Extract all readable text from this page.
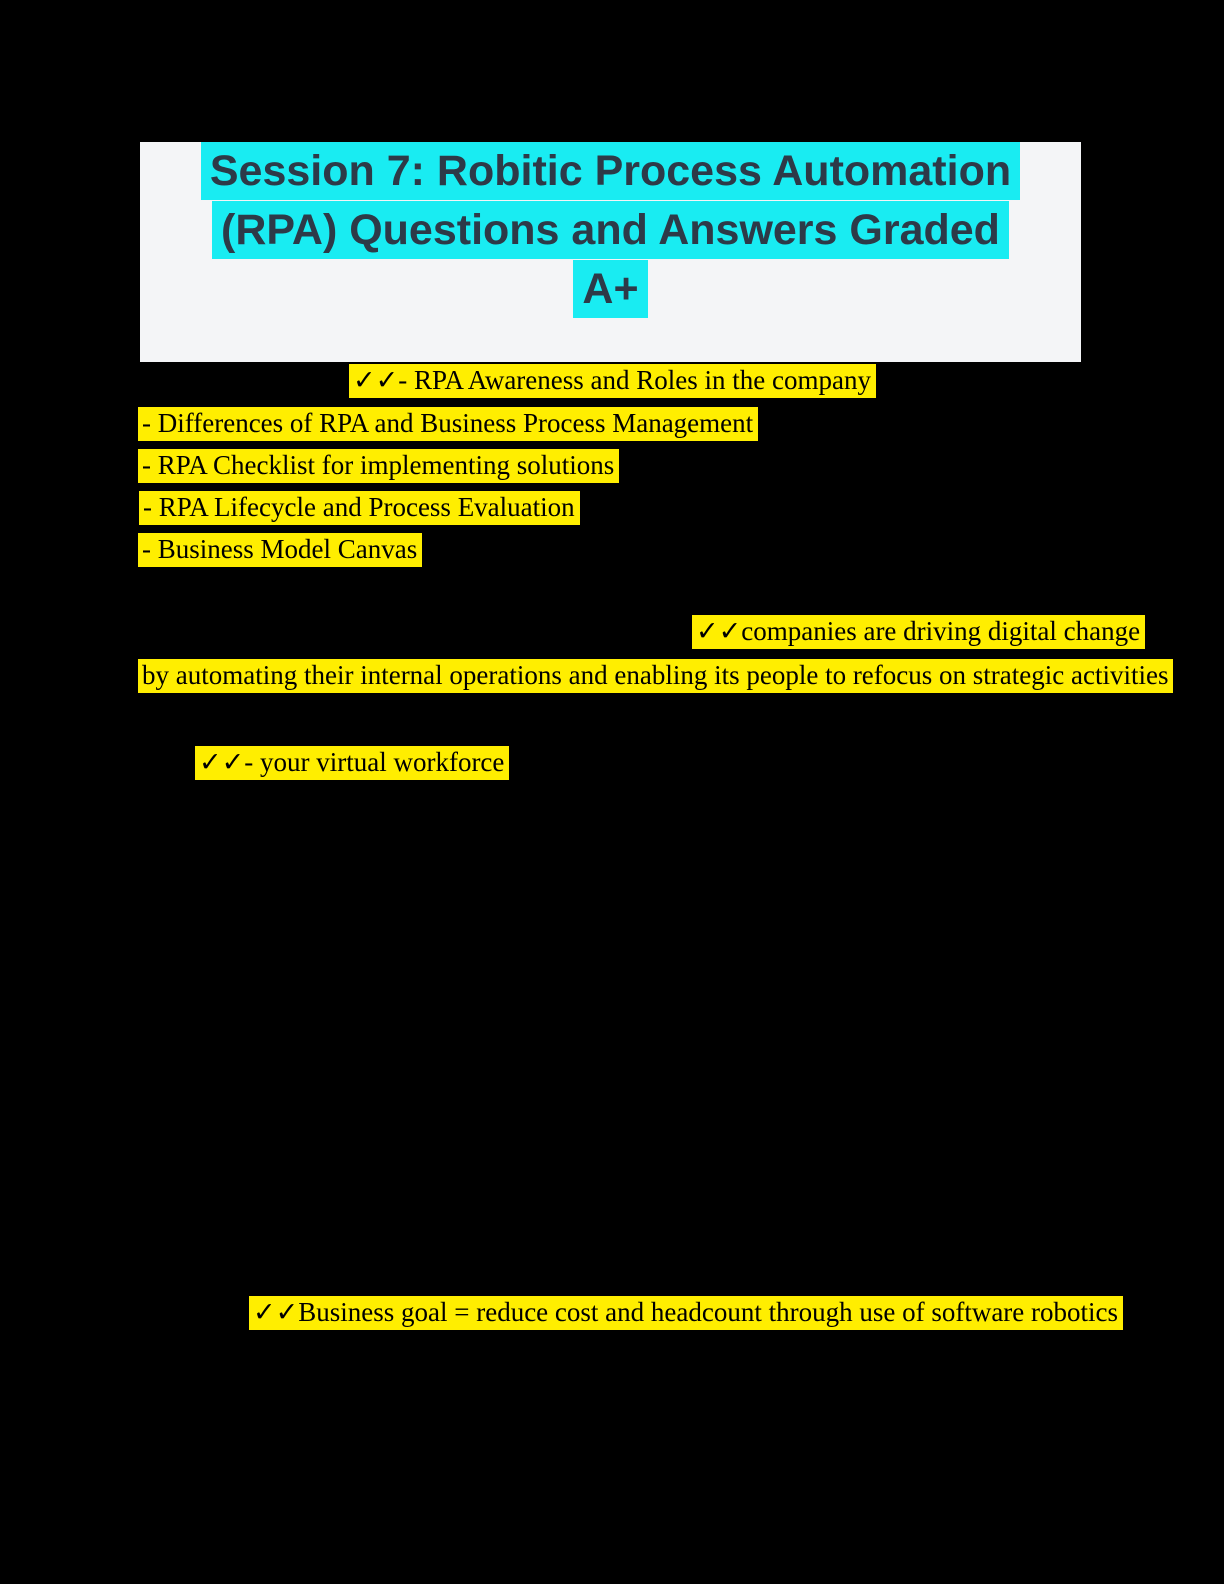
Session 7: Robitic Process Automation
(RPA) Questions and Answers Graded
A+
✓✓- RPA Awareness and Roles in the company
- Differences of RPA and Business Process Management
- RPA Checklist for implementing solutions
- RPA Lifecycle and Process Evaluation
- Business Model Canvas
✓✓companies are driving digital change
by automating their internal operations and enabling its people to refocus on strategic activities
✓✓- your virtual workforce
✓✓Business goal = reduce cost and headcount through use of software robotics
